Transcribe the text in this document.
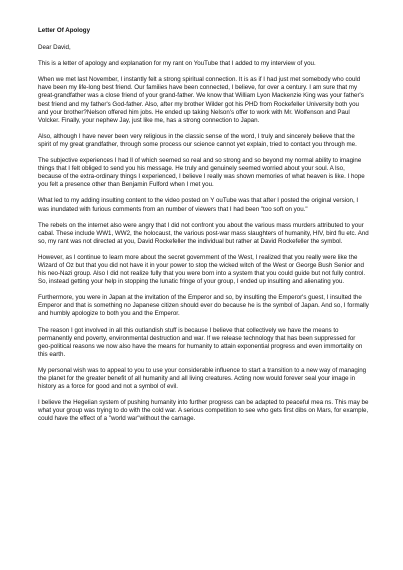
Letter Of Apology
Dear David,
This is a letter of apology and explanation for my rant on YouTube that I added to my interview of you.
When we met last November, I instantly felt a strong spiritual connection. It is as if I had just met somebody who could have been my life-long best friend. Our families have been connected, I believe, for over a century. I am sure that my great-grandfather was a close friend of your grand-father. We know that William Lyon Mackenzie King was your father's best friend and my father's God-father. Also, after my brother Wilder got his PHD from Rockefeller University both you and your brother?Nelson offered him jobs. He ended up taking Nelson's offer to work with Mr. Wolfenson and Paul Volcker. Finally, your nephew Jay, just like me, has a strong connection to Japan.
Also, although I have never been very religious in the classic sense of the word, I truly and sincerely believe that the spirit of my great grandfather, through some process our science cannot yet explain, tried to contact you through me.
The subjective experiences I had ll of which seemed so real and so strong and so beyond my normal ability to imagine things that I felt obliged to send you his message. He truly and genuinely seemed worried about your soul. A lso, because of the extra-ordinary things I experienced, I believe I really was shown memories of what heaven is like. I hope you felt a presence other than Benjamin Fulford when I met you.
What led to my adding insulting content to the video posted on Y ouTube was that after I posted the original version, I was inundated with furious comments from an number of viewers that I had been "too soft on you."
The rebels on the internet also were angry that I did not confront you about the various mass murders attributed to your cabal. These include WW1, WW2, the holocaust, the various post-war mass slaughters of humanity, HIV, bird flu etc. And so, my rant was not directed at you, David Rockefeller the individual but rather at David Rockefeller the symbol.
However, as I continue to learn more about the secret government of the West, I realized that you really were like the Wizard of Oz but that you did not have it in your power to stop the wicked witch of the West or George Bush Senior and his neo-Nazi group. Also I did not realize fully that you were born into a system that you could guide but not fully control. So, instead getting your help in stopping the lunatic fringe of your group, I ended up insulting and alienating you.
Furthermore, you were in Japan at the invitation of the Emperor and so, by insulting the Emperor's guest, I insulted the Emperor and that is something no Japanese citizen should ever do because he is the symbol of Japan. And so, I formally and humbly apologize to both you and the Emperor.
The reason I got involved in all this outlandish stuff is because I believe that collectively we have the means to permanently end poverty, environmental destruction and war. If we release technology that has been suppressed for geo-political reasons we now also have the means for humanity to attain exponential progress and even immortality on this earth.
My personal wish was to appeal to you to use your considerable influence to start a transition to a new way of managing the planet for the greater benefit of all humanity and all living creatures. Acting now would forever seal your image in history as a force for good and not a symbol of evil.
I believe the Hegelian system of pushing humanity into further progress can be adapted to peaceful mea ns. This may be what your group was trying to do with the cold war. A serious competition to see who gets first dibs on Mars, for example, could have the effect of a "world war"without the carnage.
